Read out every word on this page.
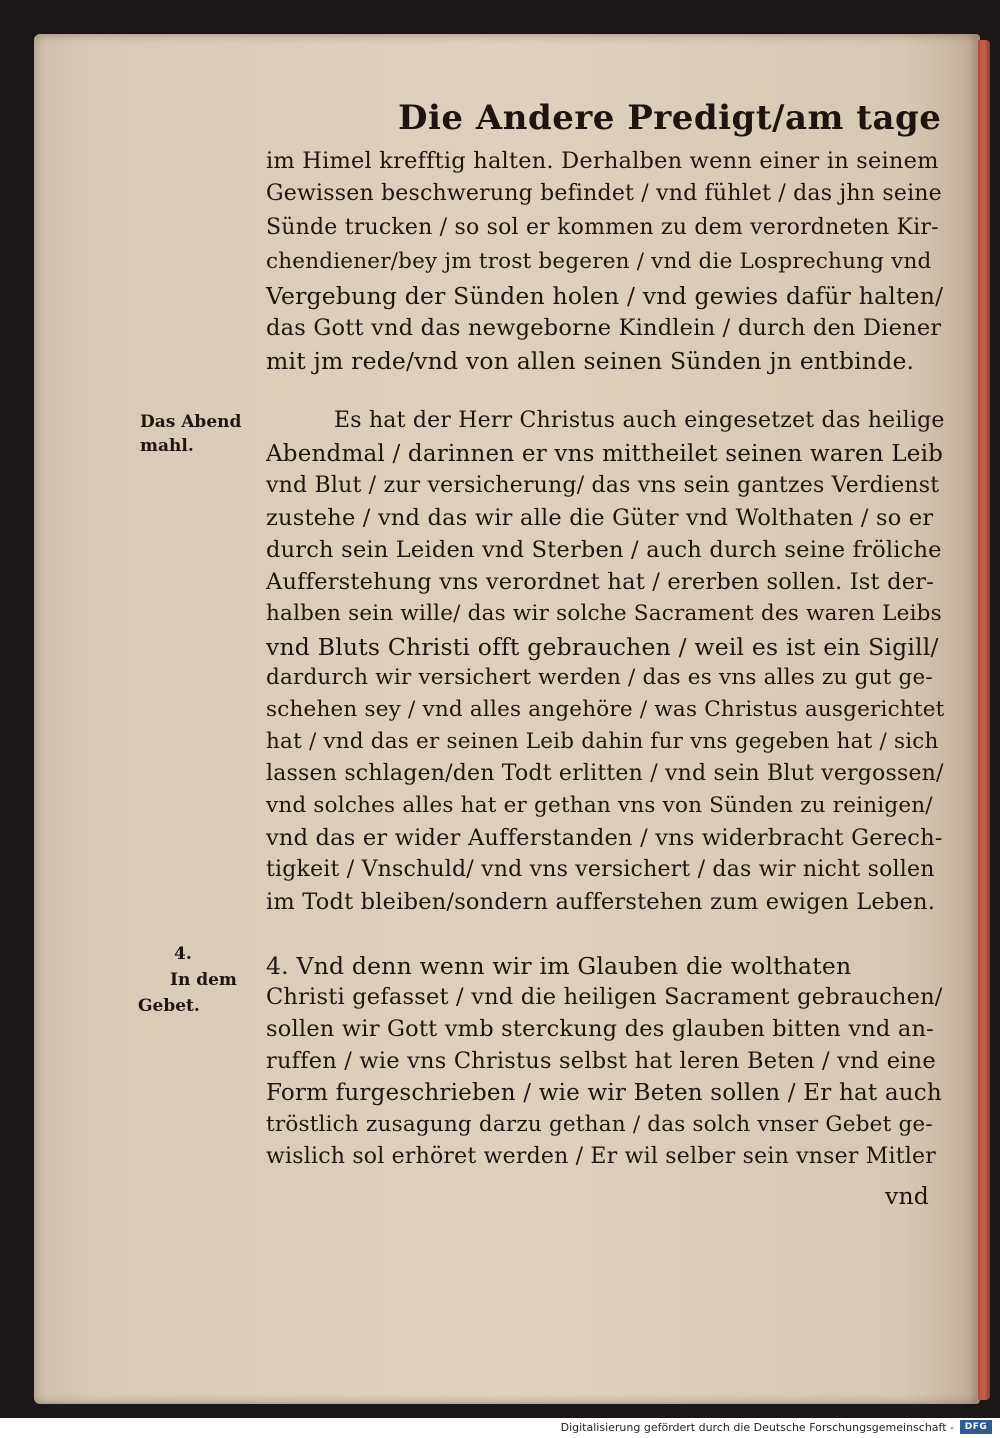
Die Andere Predigt/am tage
im Himel krefftig halten. Derhalben wenn einer in seinem
Gewissen beschwerung befindet / vnd fühlet / das jhn seine
Sünde trucken / so sol er kommen zu dem verordneten Kir-
chendiener/bey jm trost begeren / vnd die Losprechung vnd
Vergebung der Sünden holen / vnd gewies dafür halten/
das Gott vnd das newgeborne Kindlein / durch den Diener
mit jm rede/vnd von allen seinen Sünden jn entbinde.
Es hat der Herr Christus auch eingesetzet das heilige
Abendmal / darinnen er vns mittheilet seinen waren Leib
vnd Blut / zur versicherung/ das vns sein gantzes Verdienst
zustehe / vnd das wir alle die Güter vnd Wolthaten / so er
durch sein Leiden vnd Sterben / auch durch seine fröliche
Aufferstehung vns verordnet hat / ererben sollen. Ist der-
halben sein wille/ das wir solche Sacrament des waren Leibs
vnd Bluts Christi offt gebrauchen / weil es ist ein Sigill/
dardurch wir versichert werden / das es vns alles zu gut ge-
schehen sey / vnd alles angehöre / was Christus ausgerichtet
hat / vnd das er seinen Leib dahin fur vns gegeben hat / sich
lassen schlagen/den Todt erlitten / vnd sein Blut vergossen/
vnd solches alles hat er gethan vns von Sünden zu reinigen/
vnd das er wider Aufferstanden / vns widerbracht Gerech-
tigkeit / Vnschuld/ vnd vns versichert / das wir nicht sollen
im Todt bleiben/sondern aufferstehen zum ewigen Leben.
4. Vnd denn wenn wir im Glauben die wolthaten
Christi gefasset / vnd die heiligen Sacrament gebrauchen/
sollen wir Gott vmb sterckung des glauben bitten vnd an-
ruffen / wie vns Christus selbst hat leren Beten / vnd eine
Form furgeschrieben / wie wir Beten sollen / Er hat auch
tröstlich zusagung darzu gethan / das solch vnser Gebet ge-
wislich sol erhöret werden / Er wil selber sein vnser Mitler
vnd
Das Abend
mahl.
4.
In dem
Gebet.
Digitalisierung gefördert durch die Deutsche Forschungsgemeinschaft -	DFG
